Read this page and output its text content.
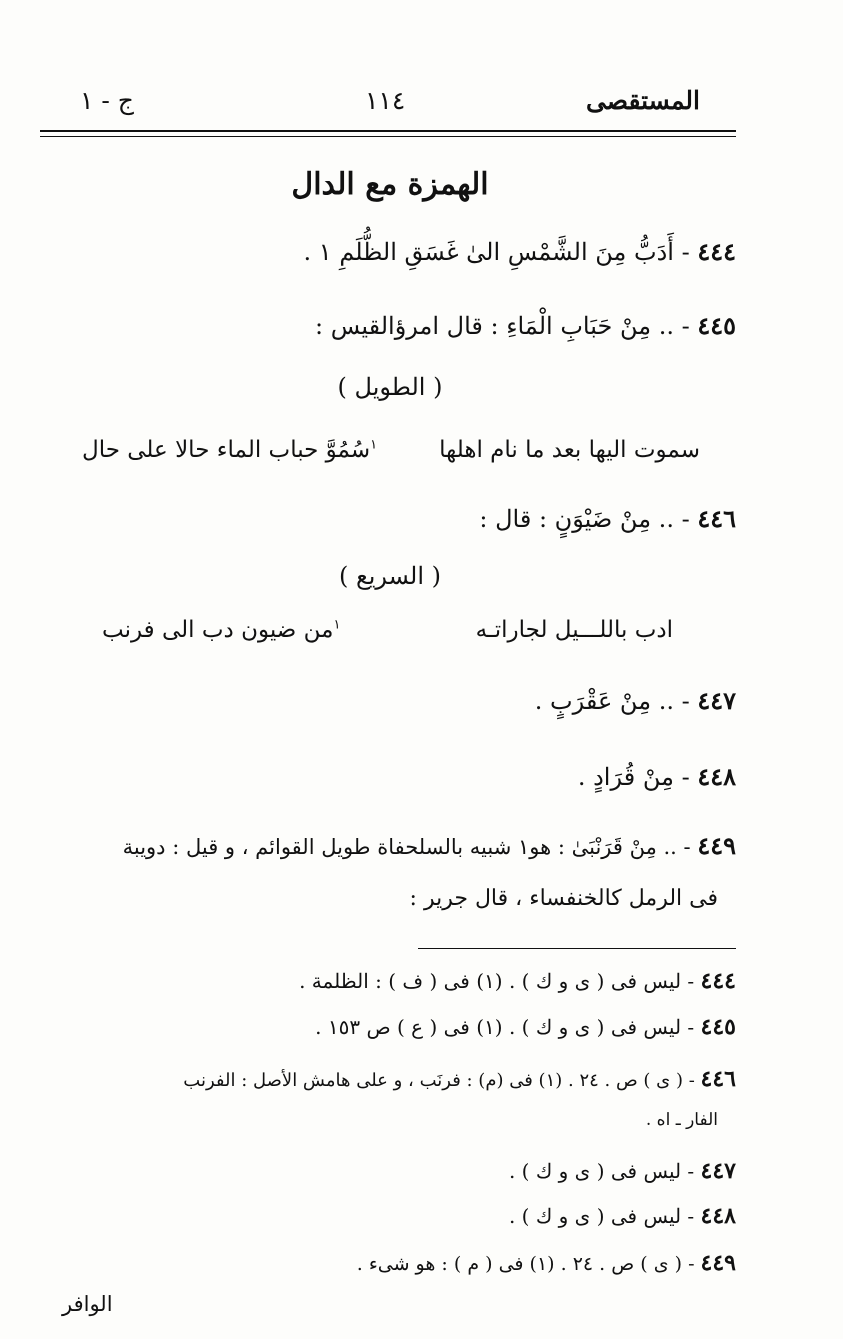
المستقصى
١١٤
ج - ١
الهمزة مع الدال
٤٤٤ - أَدَبُّ مِنَ الشَّمْسِ الىٰ غَسَقِ الظُّلَمِ ١ .
٤٤٥ - .. مِنْ حَبَابِ الْمَاءِ : قال امرؤالقيس :
( الطويل )
سموت اليها بعد ما نام اهلها
$^١$سُمُوَّ حباب الماء حالا على حال
٤٤٦ - .. مِنْ ضَيْوَنٍ : قال :
( السريع )
ادب باللـــيل لجاراتـه
$^١$من ضيون دب الى فرنب
٤٤٧ - .. مِنْ عَقْرَبٍ .
٤٤٨ - مِنْ قُرَادٍ .
٤٤٩ - .. مِنْ قَرَنْبَىٰ : هو١ شبيه بالسلحفاة طويل القوائم ، و قيل : دويبة
فى الرمل كالخنفساء ، قال جرير :
٤٤٤ - ليس فى ( ى و ك ) . (١) فى ( ف ) : الظلمة .
٤٤٥ - ليس فى ( ى و ك ) . (١) فى ( ع ) ص ١٥٣ .
٤٤٦ - ( ى ) ص . ٢٤ . (١) فى (م) : فرنَب ، و على هامش الأصل : الفرنب
الفار ـ اه .
٤٤٧ - ليس فى ( ى و ك ) .
٤٤٨ - ليس فى ( ى و ك ) .
٤٤٩ - ( ى ) ص . ٢٤ . (١) فى ( م ) : هو شىء .
الوافر
